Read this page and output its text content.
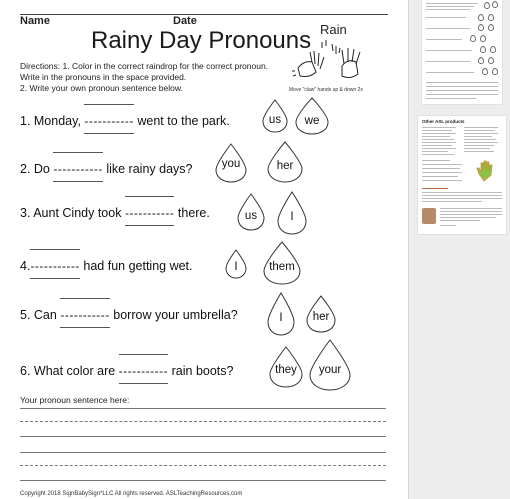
Name	Date
Rainy Day Pronouns Rain
Directions: 1. Color in the correct raindrop for the correct pronoun.
Write in the pronouns in the space provided.
2. Write your own pronoun sentence below.	Move "claw" hands up & down 2x
1. Monday, ----------- went to the park.	us	we
2. Do ----------- like rainy days?	you	her
3. Aunt Cindy took ----------- there.	us	I
4.----------- had fun getting wet.	I	them
5. Can ----------- borrow your umbrella?	I	her
6. What color are ----------- rain boots?	they	your
Your pronoun sentence here:
Copyright 2018 SignBabySign*LLC All rights reserved. ASLTeachingResources.com
Other ASL products
